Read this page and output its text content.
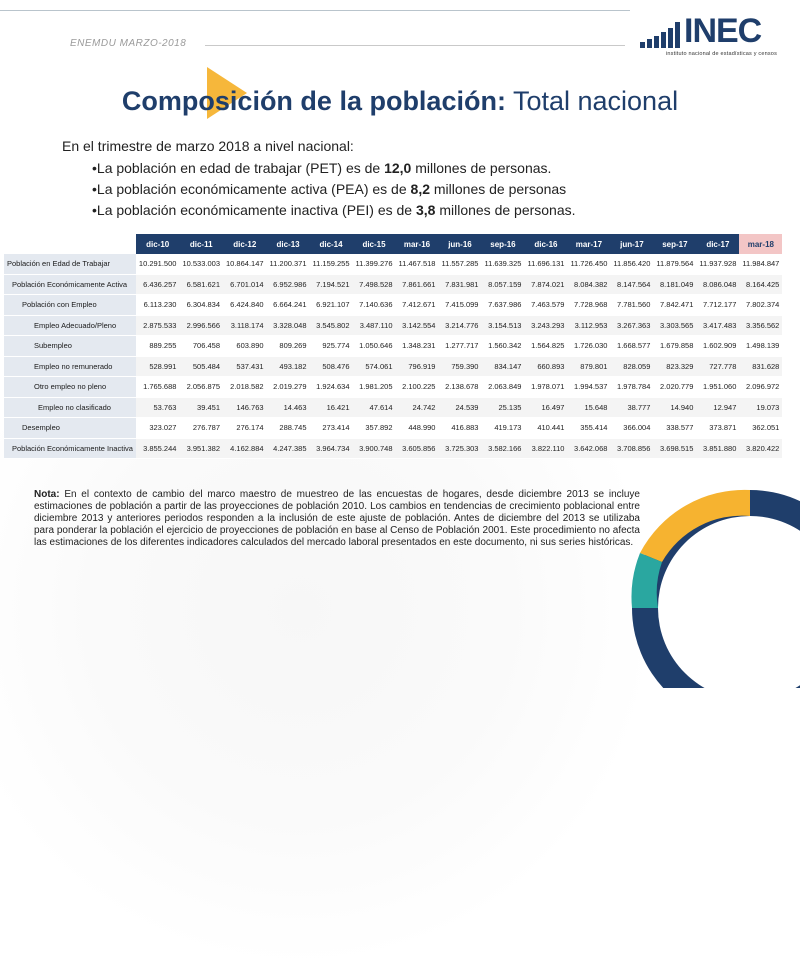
ENEMDU MARZO-2018	INEC
instituto nacional de estadísticas y censos
Composición de la población: Total nacional
En el trimestre de marzo 2018 a nivel nacional:
•La población en edad de trabajar (PET) es de 12,0 millones de personas.
•La población económicamente activa (PEA) es de 8,2 millones de personas
•La población económicamente inactiva (PEI) es de 3,8 millones de personas.
	dic-10	dic-11	dic-12	dic-13	dic-14	dic-15	mar-16	jun-16	sep-16	dic-16	mar-17	jun-17	sep-17	dic-17	mar-18
Población en Edad de Trabajar	10.291.500	10.533.003	10.864.147	11.200.371	11.159.255	11.399.276	11.467.518	11.557.285	11.639.325	11.696.131	11.726.450	11.856.420	11.879.564	11.937.928	11.984.847
Población Económicamente Activa	6.436.257	6.581.621	6.701.014	6.952.986	7.194.521	7.498.528	7.861.661	7.831.981	8.057.159	7.874.021	8.084.382	8.147.564	8.181.049	8.086.048	8.164.425
Población con Empleo	6.113.230	6.304.834	6.424.840	6.664.241	6.921.107	7.140.636	7.412.671	7.415.099	7.637.986	7.463.579	7.728.968	7.781.560	7.842.471	7.712.177	7.802.374
Empleo Adecuado/Pleno	2.875.533	2.996.566	3.118.174	3.328.048	3.545.802	3.487.110	3.142.554	3.214.776	3.154.513	3.243.293	3.112.953	3.267.363	3.303.565	3.417.483	3.356.562
Subempleo	889.255	706.458	603.890	809.269	925.774	1.050.646	1.348.231	1.277.717	1.560.342	1.564.825	1.726.030	1.668.577	1.679.858	1.602.909	1.498.139
Empleo no remunerado	528.991	505.484	537.431	493.182	508.476	574.061	796.919	759.390	834.147	660.893	879.801	828.059	823.329	727.778	831.628
Otro empleo no pleno	1.765.688	2.056.875	2.018.582	2.019.279	1.924.634	1.981.205	2.100.225	2.138.678	2.063.849	1.978.071	1.994.537	1.978.784	2.020.779	1.951.060	2.096.972
Empleo no clasificado	53.763	39.451	146.763	14.463	16.421	47.614	24.742	24.539	25.135	16.497	15.648	38.777	14.940	12.947	19.073
Desempleo	323.027	276.787	276.174	288.745	273.414	357.892	448.990	416.883	419.173	410.441	355.414	366.004	338.577	373.871	362.051
Población Económicamente Inactiva	3.855.244	3.951.382	4.162.884	4.247.385	3.964.734	3.900.748	3.605.856	3.725.303	3.582.166	3.822.110	3.642.068	3.708.856	3.698.515	3.851.880	3.820.422
Nota: En el contexto de cambio del marco maestro de muestreo de las encuestas de hogares, desde diciembre 2013 se incluye estimaciones de población a partir de las proyecciones de población 2010. Los cambios en tendencias de crecimiento poblacional entre diciembre 2013 y anteriores periodos responden a la inclusión de este ajuste de población. Antes de diciembre del 2013 se utilizaba para ponderar la población el ejercicio de proyecciones de población en base al Censo de Población 2001. Este procedimiento no afecta las estimaciones de los diferentes indicadores calculados del mercado laboral presentados en este documento, ni sus series históricas.
